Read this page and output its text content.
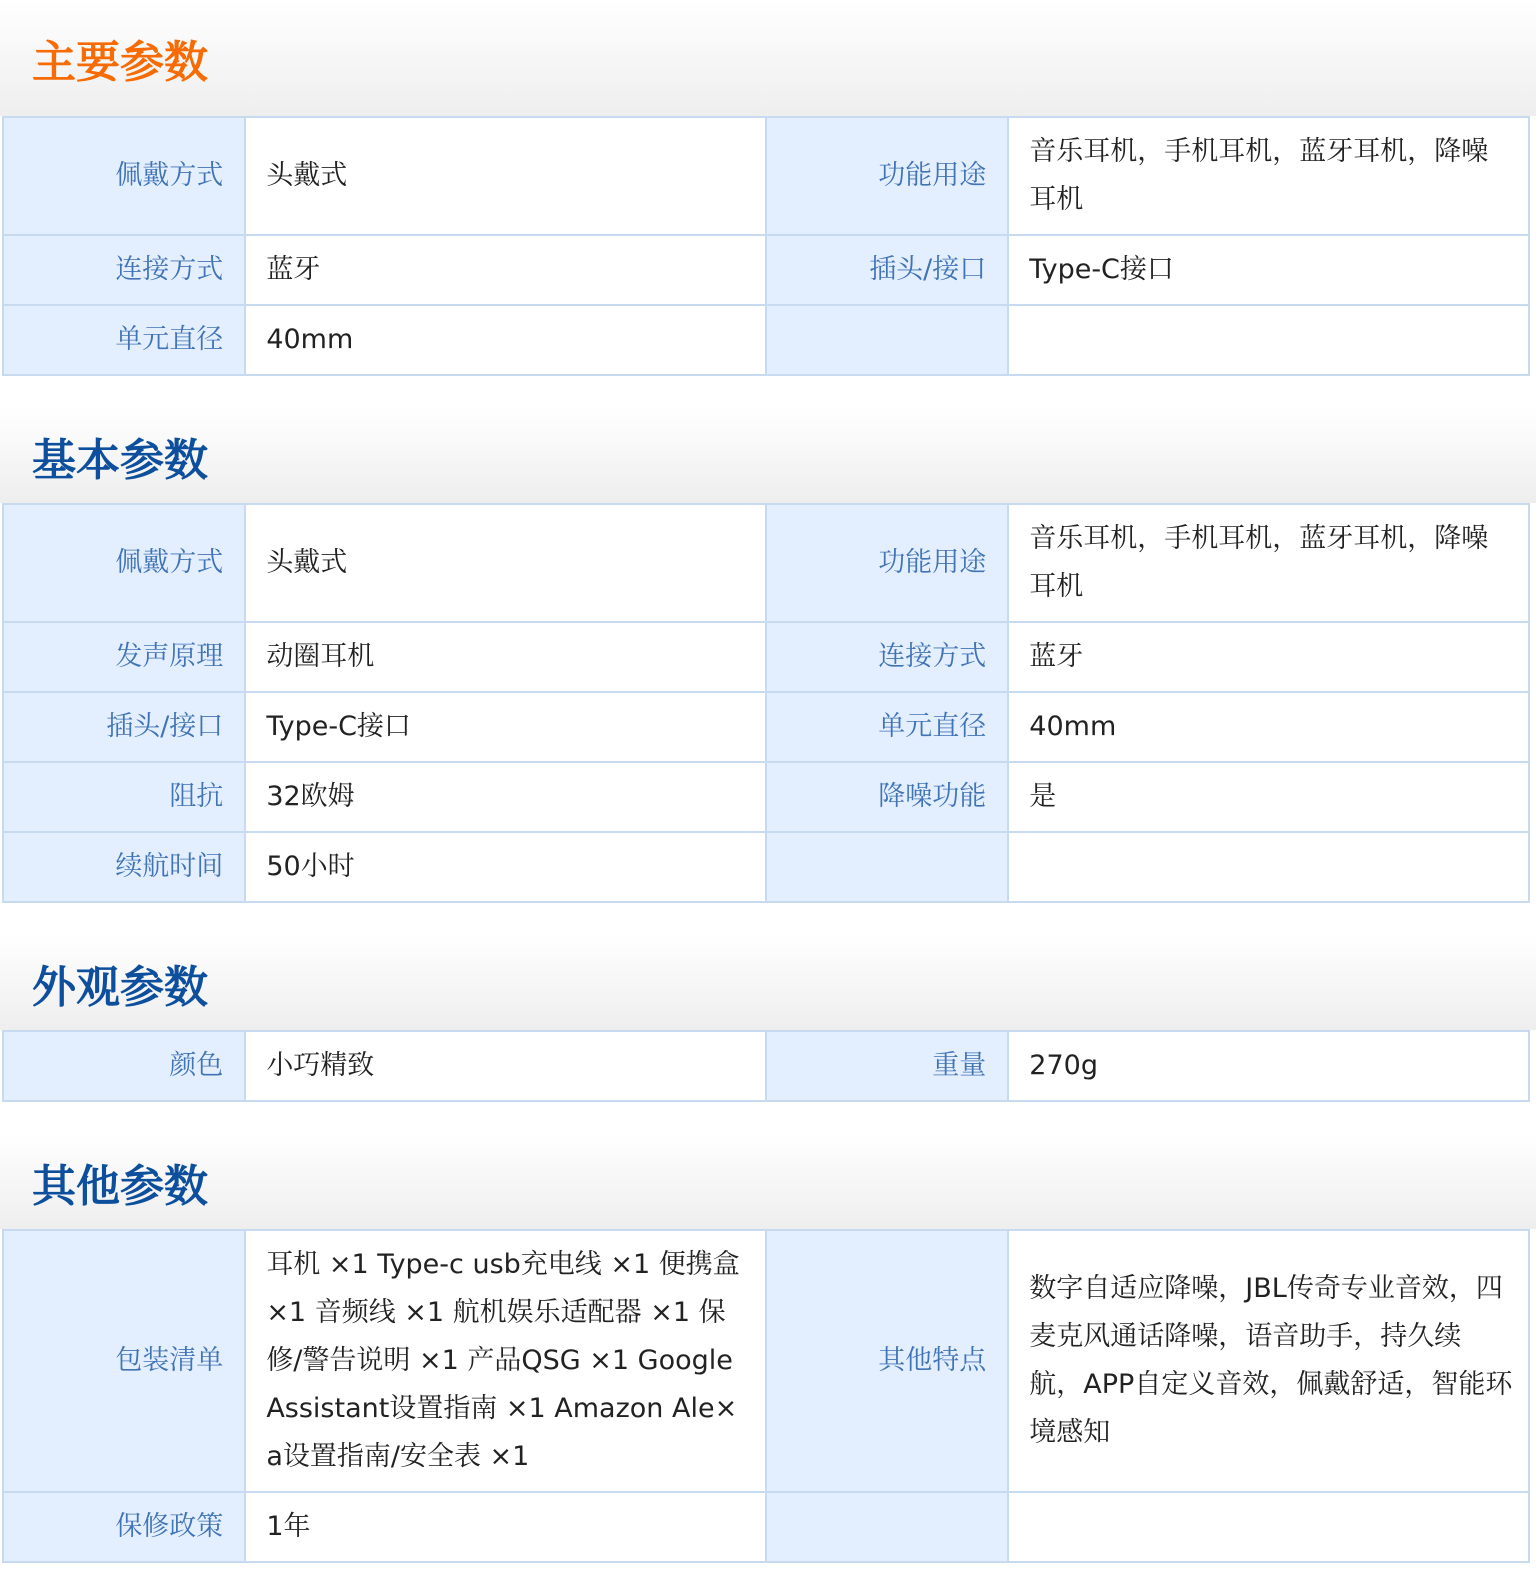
主要参数
佩戴方式	头戴式	功能用途	音乐耳机，手机耳机，蓝牙耳机，降噪耳机
连接方式	蓝牙	插头/接口	Type-C接口
单元直径	40mm		
基本参数
佩戴方式	头戴式	功能用途	音乐耳机，手机耳机，蓝牙耳机，降噪耳机
发声原理	动圈耳机	连接方式	蓝牙
插头/接口	Type-C接口	单元直径	40mm
阻抗	32欧姆	降噪功能	是
续航时间	50小时		
外观参数
颜色	小巧精致	重量	270g
其他参数
包装清单	耳机 ×1 Type-c usb充电线 ×1 便携盒 ×1 音频线 ×1 航机娱乐适配器 ×1 保修/警告说明 ×1 产品QSG ×1 Google Assistant设置指南 ×1 Amazon Ale×a设置指南/安全表 ×1	其他特点	数字自适应降噪，JBL传奇专业音效，四麦克风通话降噪，语音助手，持久续航，APP自定义音效，佩戴舒适，智能环境感知
保修政策	1年		
